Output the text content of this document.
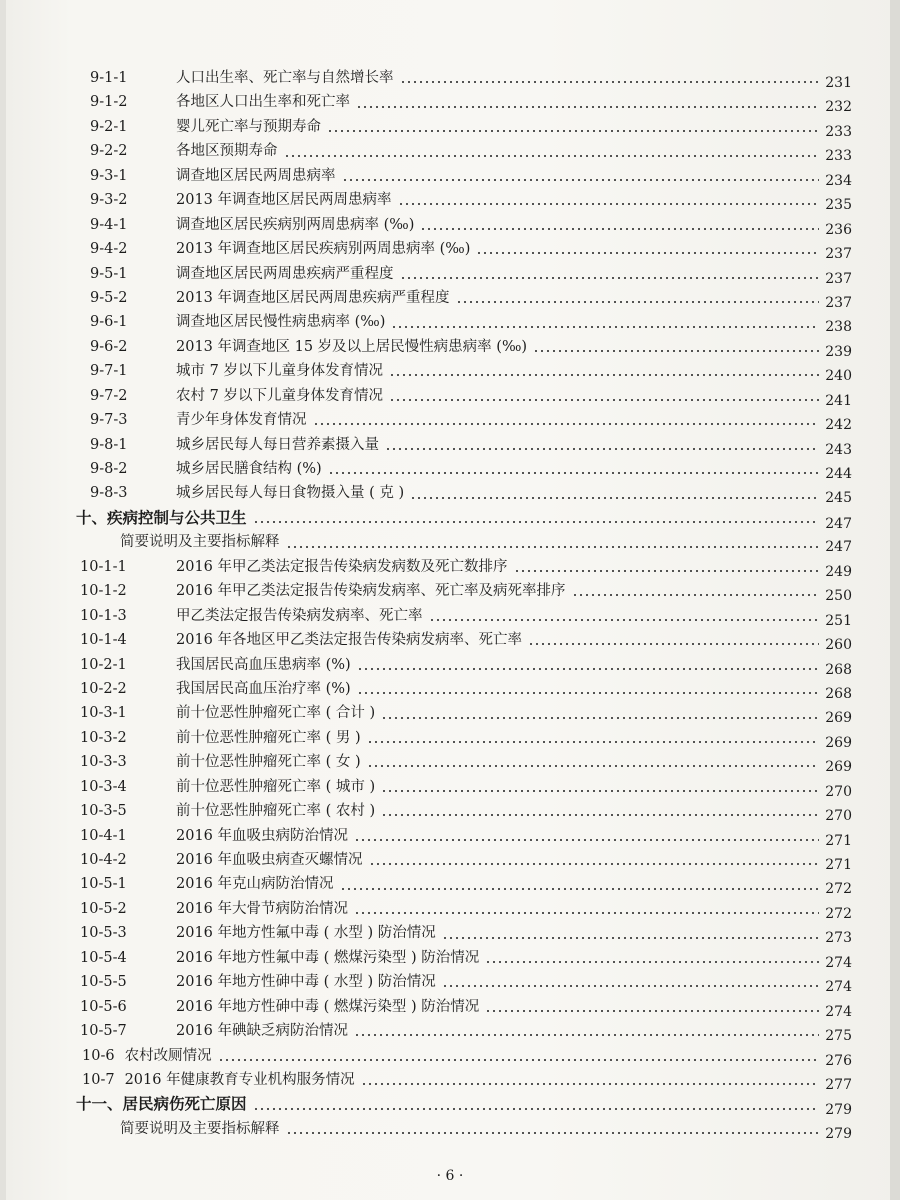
9-1-1	人口出生率、死亡率与自然增长率	231
9-1-2	各地区人口出生率和死亡率	232
9-2-1	婴儿死亡率与预期寿命	233
9-2-2	各地区预期寿命	233
9-3-1	调查地区居民两周患病率	234
9-3-2	2013 年调查地区居民两周患病率	235
9-4-1	调查地区居民疾病别两周患病率 (‰)	236
9-4-2	2013 年调查地区居民疾病别两周患病率 (‰)	237
9-5-1	调查地区居民两周患疾病严重程度	237
9-5-2	2013 年调查地区居民两周患疾病严重程度	237
9-6-1	调查地区居民慢性病患病率 (‰)	238
9-6-2	2013 年调查地区 15 岁及以上居民慢性病患病率 (‰)	239
9-7-1	城市 7 岁以下儿童身体发育情况	240
9-7-2	农村 7 岁以下儿童身体发育情况	241
9-7-3	青少年身体发育情况	242
9-8-1	城乡居民每人每日营养素摄入量	243
9-8-2	城乡居民膳食结构 (%)	244
9-8-3	城乡居民每人每日食物摄入量 ( 克 )	245
十、 疾病控制与公共卫生	247
简要说明及主要指标解释	247
10-1-1	2016 年甲乙类法定报告传染病发病数及死亡数排序	249
10-1-2	2016 年甲乙类法定报告传染病发病率、死亡率及病死率排序	250
10-1-3	甲乙类法定报告传染病发病率、死亡率	251
10-1-4	2016 年各地区甲乙类法定报告传染病发病率、死亡率	260
10-2-1	我国居民高血压患病率 (%)	268
10-2-2	我国居民高血压治疗率 (%)	268
10-3-1	前十位恶性肿瘤死亡率 ( 合计 )	269
10-3-2	前十位恶性肿瘤死亡率 ( 男 )	269
10-3-3	前十位恶性肿瘤死亡率 ( 女 )	269
10-3-4	前十位恶性肿瘤死亡率 ( 城市 )	270
10-3-5	前十位恶性肿瘤死亡率 ( 农村 )	270
10-4-1	2016 年血吸虫病防治情况	271
10-4-2	2016 年血吸虫病查灭螺情况	271
10-5-1	2016 年克山病防治情况	272
10-5-2	2016 年大骨节病防治情况	272
10-5-3	2016 年地方性氟中毒 ( 水型 ) 防治情况	273
10-5-4	2016 年地方性氟中毒 ( 燃煤污染型 ) 防治情况	274
10-5-5	2016 年地方性砷中毒 ( 水型 ) 防治情况	274
10-5-6	2016 年地方性砷中毒 ( 燃煤污染型 ) 防治情况	274
10-5-7	2016 年碘缺乏病防治情况	275
10-6 农村改厕情况	276
10-7 2016 年健康教育专业机构服务情况	277
十一、 居民病伤死亡原因	279
简要说明及主要指标解释	279
· 6 ·
